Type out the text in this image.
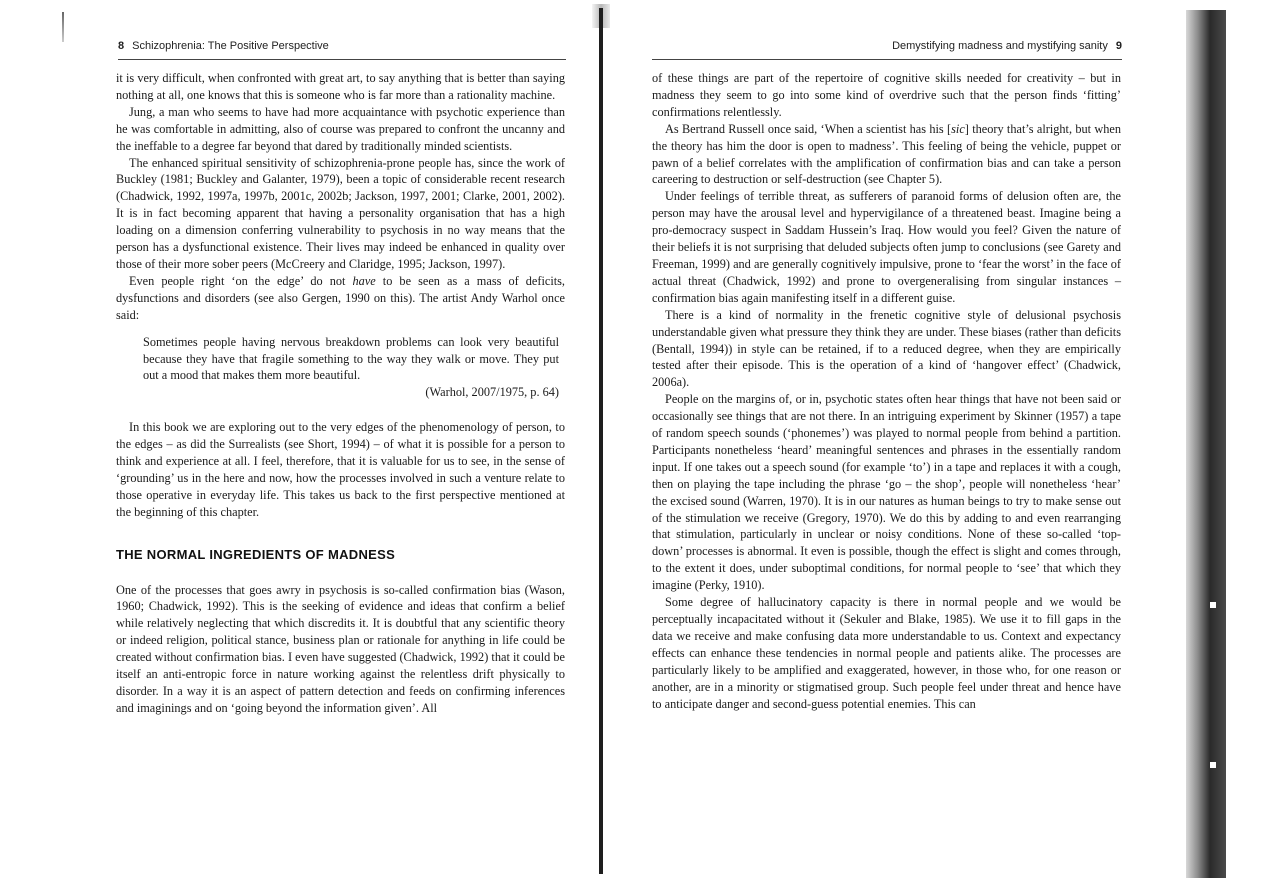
8 Schizophrenia: The Positive Perspective

it is very difficult, when confronted with great art, to say anything that is better than saying nothing at all, one knows that this is someone who is far more than a rationality machine.

Jung, a man who seems to have had more acquaintance with psychotic experience than he was comfortable in admitting, also of course was prepared to confront the uncanny and the ineffable to a degree far beyond that dared by traditionally minded scientists.

The enhanced spiritual sensitivity of schizophrenia-prone people has, since the work of Buckley (1981; Buckley and Galanter, 1979), been a topic of considerable recent research (Chadwick, 1992, 1997a, 1997b, 2001c, 2002b; Jackson, 1997, 2001; Clarke, 2001, 2002). It is in fact becoming apparent that having a personality organisation that has a high loading on a dimension conferring vulnerability to psychosis in no way means that the person has a dysfunctional existence. Their lives may indeed be enhanced in quality over those of their more sober peers (McCreery and Claridge, 1995; Jackson, 1997).

Even people right ‘on the edge’ do not have to be seen as a mass of deficits, dysfunctions and disorders (see also Gergen, 1990 on this). The artist Andy Warhol once said:

Sometimes people having nervous breakdown problems can look very beautiful because they have that fragile something to the way they walk or move. They put out a mood that makes them more beautiful.

(Warhol, 2007/1975, p. 64)

In this book we are exploring out to the very edges of the phenomenology of person, to the edges – as did the Surrealists (see Short, 1994) – of what it is possible for a person to think and experience at all. I feel, therefore, that it is valuable for us to see, in the sense of ‘grounding’ us in the here and now, how the processes involved in such a venture relate to those operative in everyday life. This takes us back to the first perspective mentioned at the beginning of this chapter.

THE NORMAL INGREDIENTS OF MADNESS

One of the processes that goes awry in psychosis is so-called confirmation bias (Wason, 1960; Chadwick, 1992). This is the seeking of evidence and ideas that confirm a belief while relatively neglecting that which discredits it. It is doubtful that any scientific theory or indeed religion, political stance, business plan or rationale for anything in life could be created without confirmation bias. I even have suggested (Chadwick, 1992) that it could be itself an anti-entropic force in nature working against the relentless drift physically to disorder. In a way it is an aspect of pattern detection and feeds on confirming inferences and imaginings and on ‘going beyond the information given’. All

Demystifying madness and mystifying sanity 9

of these things are part of the repertoire of cognitive skills needed for creativity – but in madness they seem to go into some kind of overdrive such that the person finds ‘fitting’ confirmations relentlessly.

As Bertrand Russell once said, ‘When a scientist has his [sic] theory that’s alright, but when the theory has him the door is open to madness’. This feeling of being the vehicle, puppet or pawn of a belief correlates with the amplification of confirmation bias and can take a person careering to destruction or self-destruction (see Chapter 5).

Under feelings of terrible threat, as sufferers of paranoid forms of delusion often are, the person may have the arousal level and hypervigilance of a threatened beast. Imagine being a pro-democracy suspect in Saddam Hussein’s Iraq. How would you feel? Given the nature of their beliefs it is not surprising that deluded subjects often jump to conclusions (see Garety and Freeman, 1999) and are generally cognitively impulsive, prone to ‘fear the worst’ in the face of actual threat (Chadwick, 1992) and prone to overgeneralising from singular instances – confirmation bias again manifesting itself in a different guise.

There is a kind of normality in the frenetic cognitive style of delusional psychosis understandable given what pressure they think they are under. These biases (rather than deficits (Bentall, 1994)) in style can be retained, if to a reduced degree, when they are empirically tested after their episode. This is the operation of a kind of ‘hangover effect’ (Chadwick, 2006a).

People on the margins of, or in, psychotic states often hear things that have not been said or occasionally see things that are not there. In an intriguing experiment by Skinner (1957) a tape of random speech sounds (‘phonemes’) was played to normal people from behind a partition. Participants nonetheless ‘heard’ meaningful sentences and phrases in the essentially random input. If one takes out a speech sound (for example ‘to’) in a tape and replaces it with a cough, then on playing the tape including the phrase ‘go – the shop’, people will nonetheless ‘hear’ the excised sound (Warren, 1970). It is in our natures as human beings to try to make sense out of the stimulation we receive (Gregory, 1970). We do this by adding to and even rearranging that stimulation, particularly in unclear or noisy conditions. None of these so-called ‘top-down’ processes is abnormal. It even is possible, though the effect is slight and comes through, to the extent it does, under suboptimal conditions, for normal people to ‘see’ that which they imagine (Perky, 1910).

Some degree of hallucinatory capacity is there in normal people and we would be perceptually incapacitated without it (Sekuler and Blake, 1985). We use it to fill gaps in the data we receive and make confusing data more understandable to us. Context and expectancy effects can enhance these tendencies in normal people and patients alike. The processes are particularly likely to be amplified and exaggerated, however, in those who, for one reason or another, are in a minority or stigmatised group. Such people feel under threat and hence have to anticipate danger and second-guess potential enemies. This can
